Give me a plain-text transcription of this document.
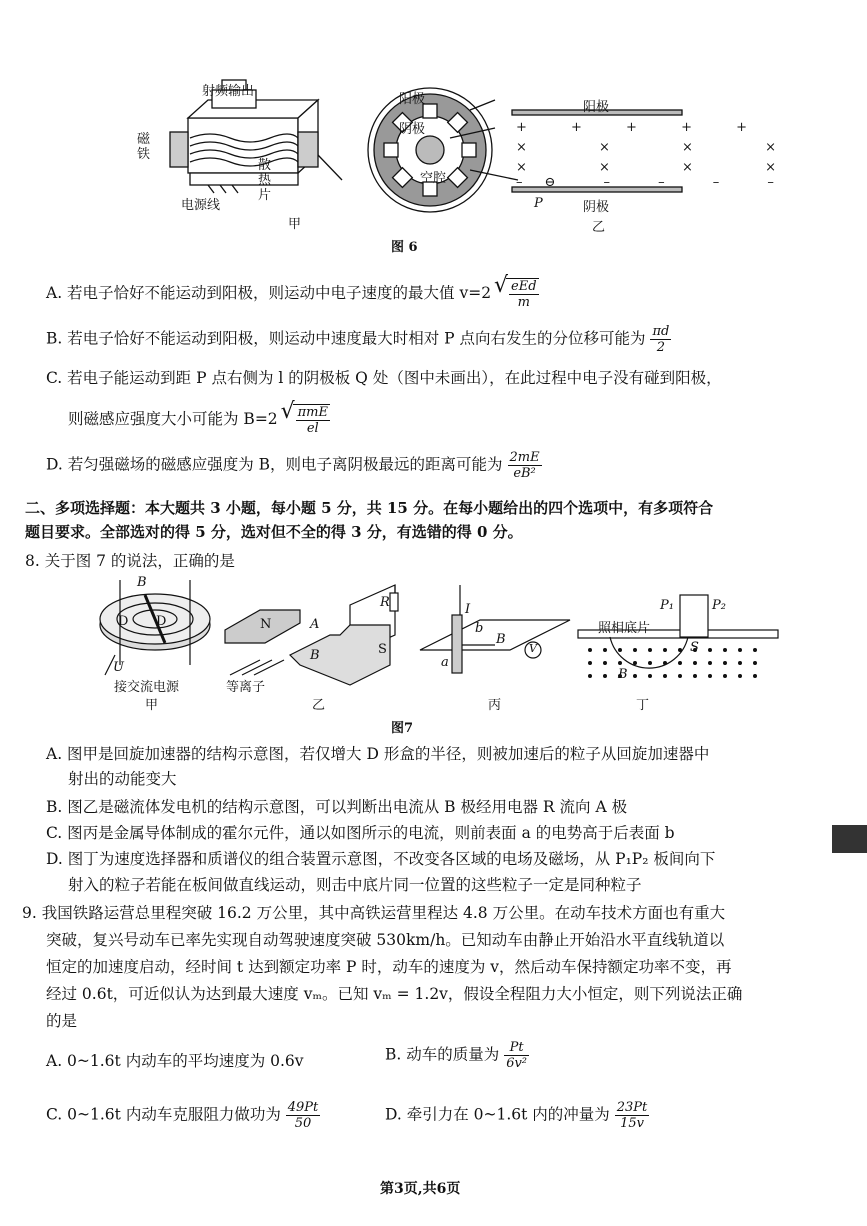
射频输出
磁
铁
散
热
片
电源线
甲
阳极
阴极
空腔
阳极
阴极
P
乙
+ + + + +
× × × ×
× × × ×
–⊖ – – – –
图 6
A. 若电子恰好不能运动到阳极，则运动中电子速度的最大值 v=2 √ $\frac{\text{eEd}}{m}$
B. 若电子恰好不能运动到阳极，则运动中速度最大时相对 P 点向右发生的分位移可能为 $\frac{\pi d}{2}$
C. 若电子能运动到距 P 点右侧为 l 的阴极板 Q 处（图中未画出），在此过程中电子没有碰到阳极，
则磁感应强度大小可能为 B=2 √ $\frac{\text{πmE}}{el}$
D. 若匀强磁场的磁感应强度为 B，则电子离阴极最远的距离可能为 $\frac{2mE}{\text{eB²}}$
二、多项选择题：本大题共 3 小题，每小题 5 分，共 15 分。在每小题给出的四个选项中，有多项符合
题目要求。全部选对的得 5 分，选对但不全的得 3 分，有选错的得 0 分。
8. 关于图 7 的说法，正确的是
B
D D
U
接交流电源
甲
N	A
B	S
R
等离子
乙
I
b
B
a
V
丙
照相底片
P₁	P₂
B
S
丁
图7
A. 图甲是回旋加速器的结构示意图，若仅增大 D 形盒的半径，则被加速后的粒子从回旋加速器中
射出的动能变大
B. 图乙是磁流体发电机的结构示意图，可以判断出电流从 B 极经用电器 R 流向 A 极
C. 图丙是金属导体制成的霍尔元件，通以如图所示的电流，则前表面 a 的电势高于后表面 b
D. 图丁为速度选择器和质谱仪的组合装置示意图，不改变各区域的电场及磁场，从 P₁P₂ 板间向下
射入的粒子若能在板间做直线运动，则击中底片同一位置的这些粒子一定是同种粒子
9. 我国铁路运营总里程突破 16.2 万公里，其中高铁运营里程达 4.8 万公里。在动车技术方面也有重大
突破，复兴号动车已率先实现自动驾驶速度突破 530km/h。已知动车由静止开始沿水平直线轨道以
恒定的加速度启动，经时间 t 达到额定功率 P 时，动车的速度为 v，然后动车保持额定功率不变，再
经过 0.6t，可近似认为达到最大速度 vₘ。已知 vₘ = 1.2v，假设全程阻力大小恒定，则下列说法正确
的是
A. 0~1.6t 内动车的平均速度为 0.6v	B. 动车的质量为 $\frac{Pt}{\text{6v²}}$
C. 0~1.6t 内动车克服阻力做功为 $\frac{49Pt}{50}$	D. 牵引力在 0~1.6t 内的冲量为 $\frac{23Pt}{15v}$
第3页,共6页
